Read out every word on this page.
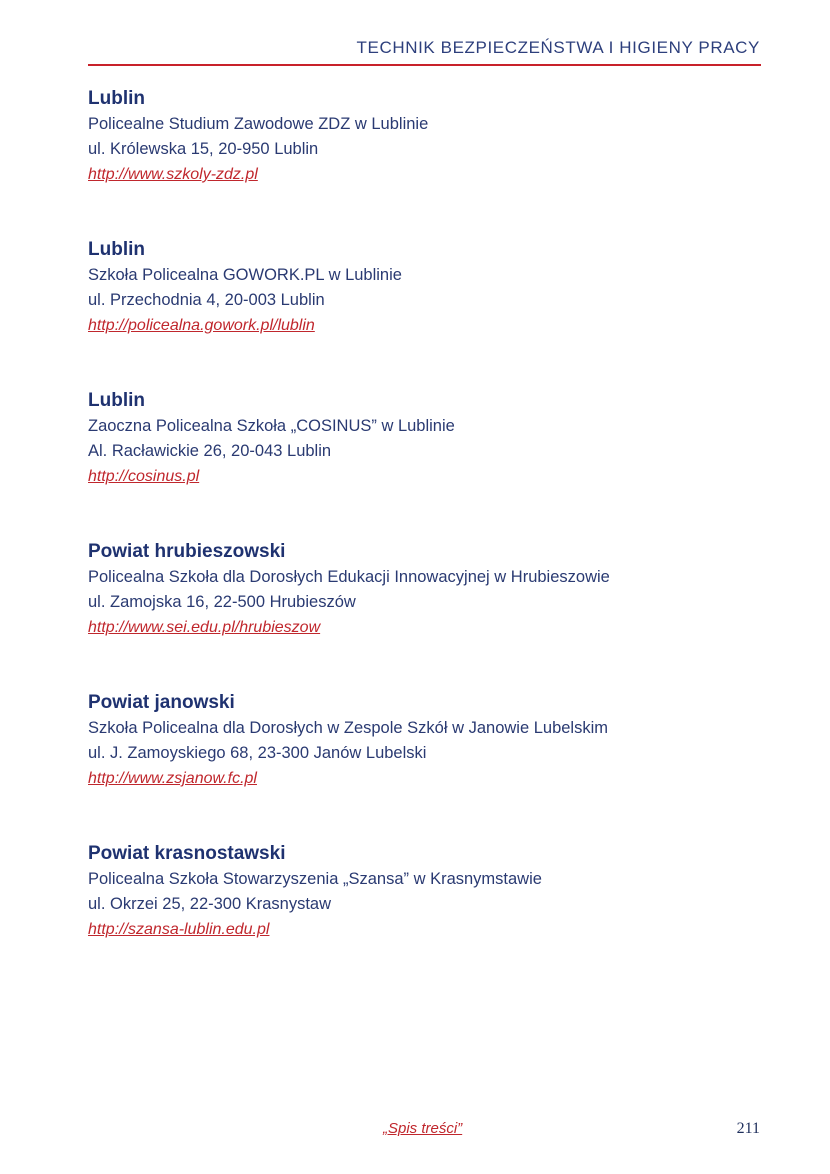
TECHNIK BEZPIECZEŃSTWA I HIGIENY PRACY
Lublin
Policealne Studium Zawodowe ZDZ w Lublinie
ul. Królewska 15, 20-950 Lublin
http://www.szkoly-zdz.pl
Lublin
Szkoła Policealna GOWORK.PL w Lublinie
ul. Przechodnia 4, 20-003 Lublin
http://policealna.gowork.pl/lublin
Lublin
Zaoczna Policealna Szkoła „COSINUS” w Lublinie
Al. Racławickie 26, 20-043 Lublin
http://cosinus.pl
Powiat hrubieszowski
Policealna Szkoła dla Dorosłych Edukacji Innowacyjnej w Hrubieszowie
ul. Zamojska 16, 22-500 Hrubieszów
http://www.sei.edu.pl/hrubieszow
Powiat janowski
Szkoła Policealna dla Dorosłych w Zespole Szkół w Janowie Lubelskim
ul. J. Zamoyskiego 68, 23-300 Janów Lubelski
http://www.zsjanow.fc.pl
Powiat krasnostawski
Policealna Szkoła Stowarzyszenia „Szansa” w Krasnymstawie
ul. Okrzei 25, 22-300 Krasnystaw
http://szansa-lublin.edu.pl
„Spis treści”	211
